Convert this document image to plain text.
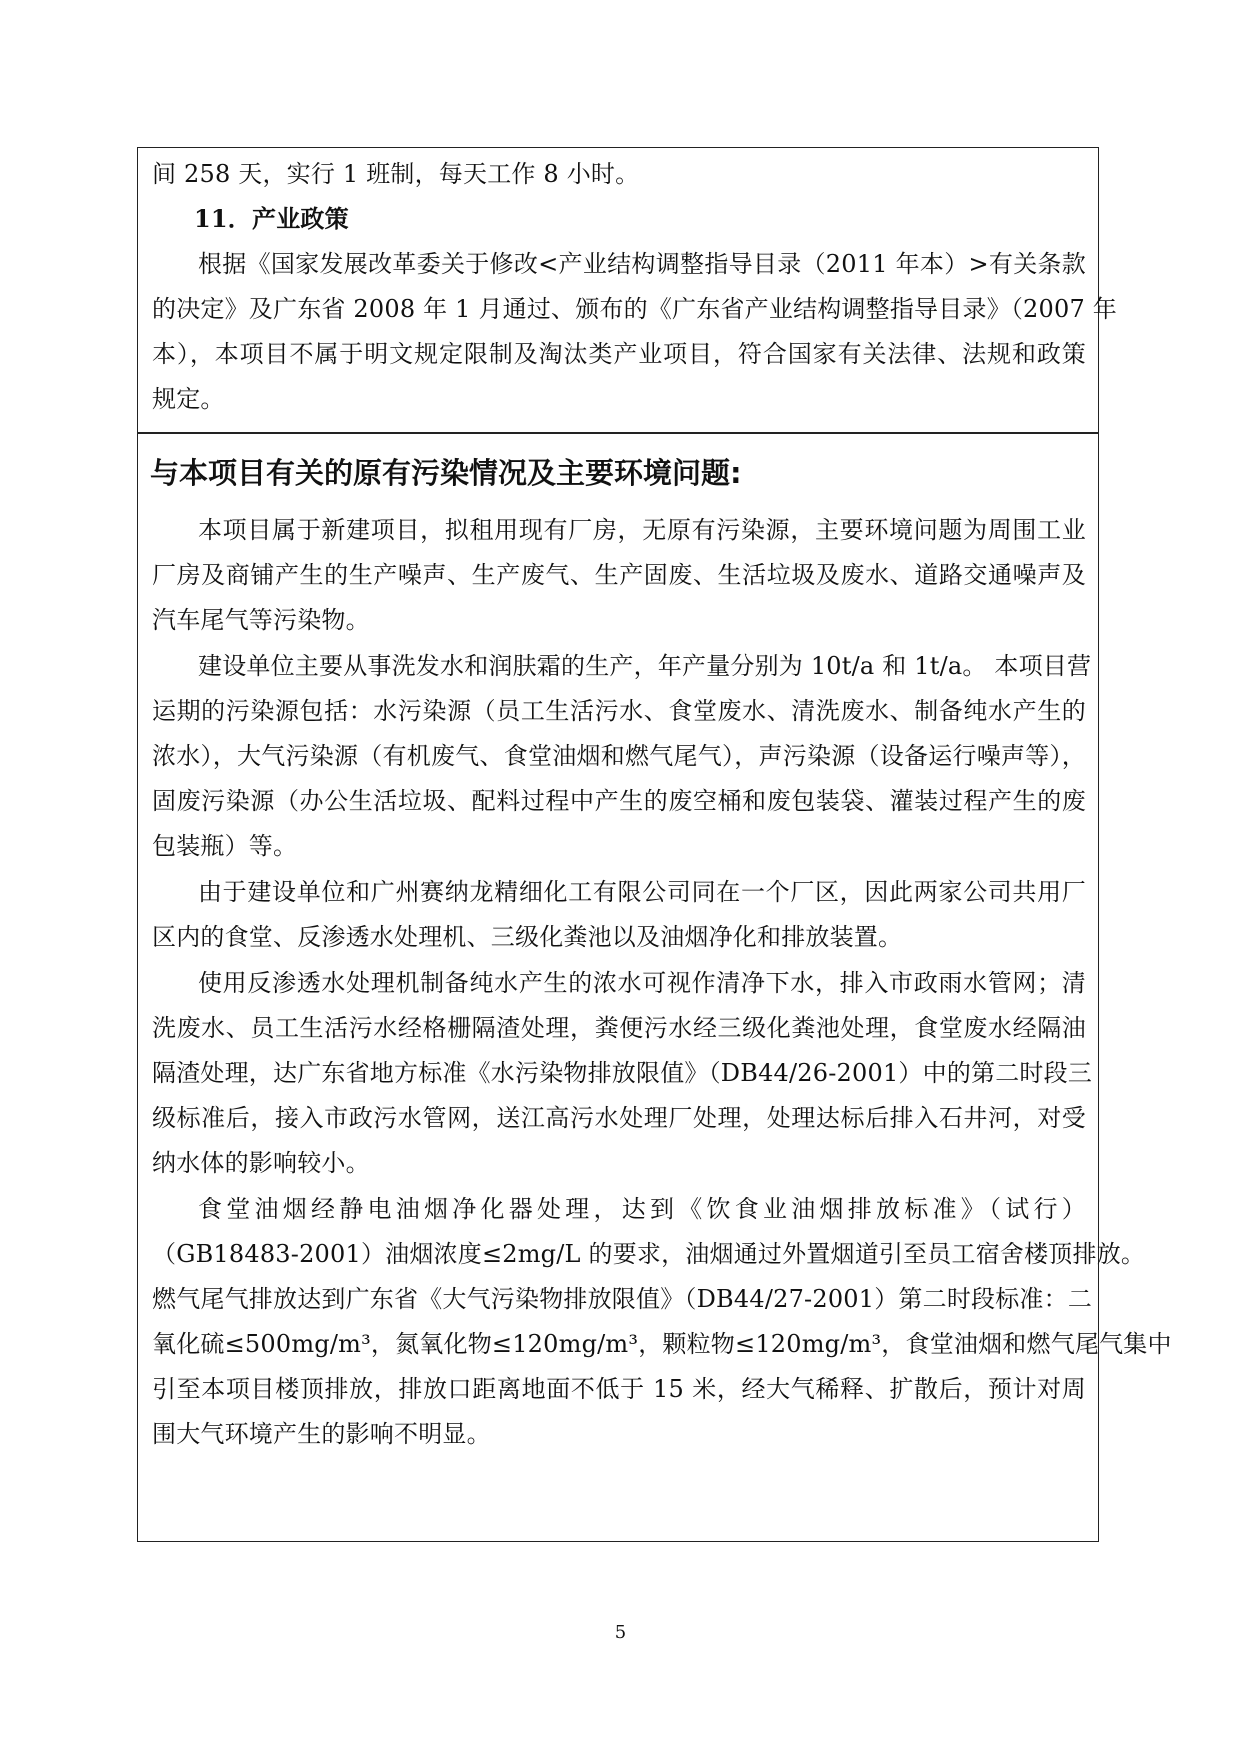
间 258 天，实行 1 班制，每天工作 8 小时。
11．产业政策
根据《国家发展改革委关于修改<产业结构调整指导目录（2011 年本）>有关条款
的决定》及广东省 2008 年 1 月通过、颁布的《广东省产业结构调整指导目录》（2007 年
本），本项目不属于明文规定限制及淘汰类产业项目，符合国家有关法律、法规和政策
规定。
与本项目有关的原有污染情况及主要环境问题:
本项目属于新建项目，拟租用现有厂房，无原有污染源，主要环境问题为周围工业
厂房及商铺产生的生产噪声、生产废气、生产固废、生活垃圾及废水、道路交通噪声及
汽车尾气等污染物。
建设单位主要从事洗发水和润肤霜的生产，年产量分别为 10t/a 和 1t/a。 本项目营
运期的污染源包括：水污染源（员工生活污水、食堂废水、清洗废水、制备纯水产生的
浓水），大气污染源（有机废气、食堂油烟和燃气尾气），声污染源（设备运行噪声等），
固废污染源（办公生活垃圾、配料过程中产生的废空桶和废包装袋、灌装过程产生的废
包装瓶）等。
由于建设单位和广州赛纳龙精细化工有限公司同在一个厂区，因此两家公司共用厂
区内的食堂、反渗透水处理机、三级化粪池以及油烟净化和排放装置。
使用反渗透水处理机制备纯水产生的浓水可视作清净下水，排入市政雨水管网；清
洗废水、员工生活污水经格栅隔渣处理，粪便污水经三级化粪池处理，食堂废水经隔油
隔渣处理，达广东省地方标准《水污染物排放限值》（DB44/26-2001）中的第二时段三
级标准后，接入市政污水管网，送江高污水处理厂处理，处理达标后排入石井河，对受
纳水体的影响较小。
食堂油烟经静电油烟净化器处理，达到《饮食业油烟排放标准》（试行）
（GB18483-2001）油烟浓度≤2mg/L 的要求，油烟通过外置烟道引至员工宿舍楼顶排放。
燃气尾气排放达到广东省《大气污染物排放限值》（DB44/27-2001）第二时段标准：二
氧化硫≤500mg/m³，氮氧化物≤120mg/m³，颗粒物≤120mg/m³，食堂油烟和燃气尾气集中
引至本项目楼顶排放，排放口距离地面不低于 15 米，经大气稀释、扩散后，预计对周
围大气环境产生的影响不明显。
5
